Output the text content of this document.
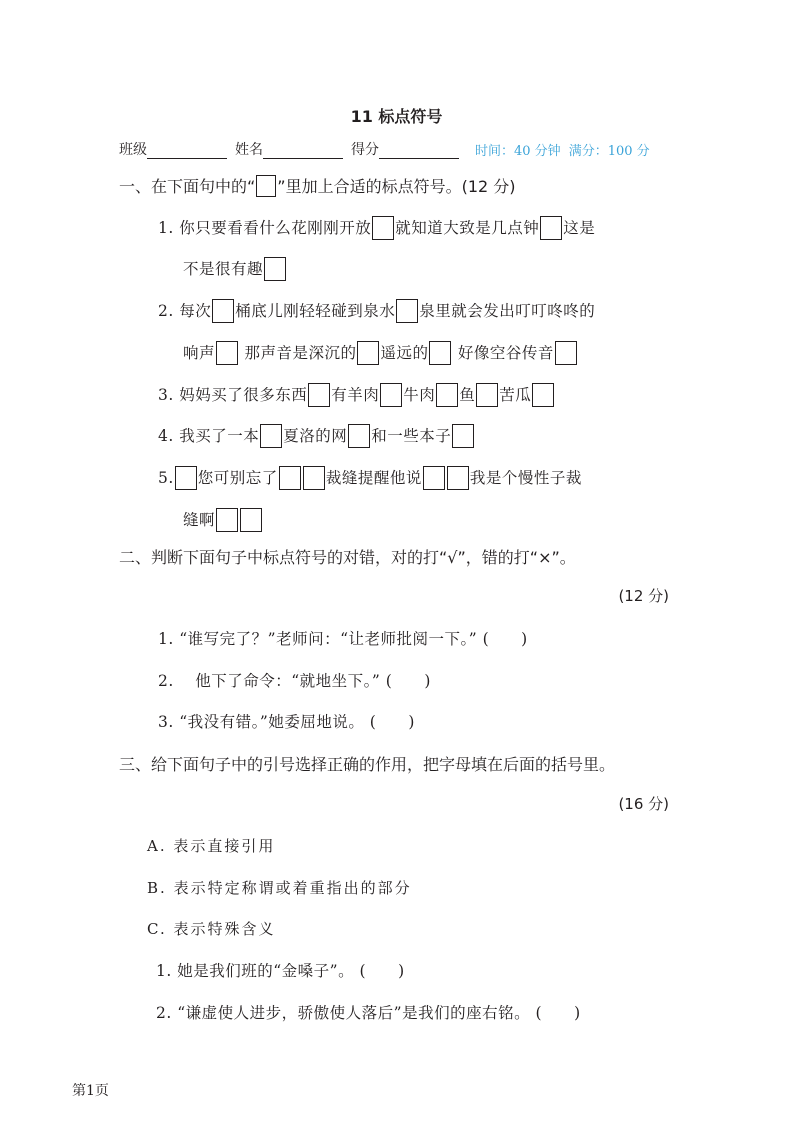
11 标点符号
班级	姓名	得分	时间：40 分钟 满分：100 分
一、在下面句中的“ ”里加上合适的标点符号。(12 分)
1. 你只要看看什么花刚刚开放 就知道大致是几点钟 这是
不是很有趣
2. 每次 桶底儿刚轻轻碰到泉水 泉里就会发出叮叮咚咚的
响声 那声音是深沉的 遥远的 好像空谷传音
3. 妈妈买了很多东西 有羊肉 牛肉 鱼 苦瓜
4. 我买了一本 夏洛的网 和一些本子
5. 您可别忘了	裁缝提醒他说	我是个慢性子裁
缝啊
二、判断下面句子中标点符号的对错，对的打“√”，错的打“×”。
(12 分)
1. “谁写完了？”老师问：“让老师批阅一下。” (　　)
2. 　他下了命令：“就地坐下。” (　　)
3. “我没有错。”她委屈地说。 (　　)
三、给下面句子中的引号选择正确的作用，把字母填在后面的括号里。
(16 分)
A. 表示直接引用
B. 表示特定称谓或着重指出的部分
C. 表示特殊含义
1. 她是我们班的“金嗓子”。 (　　)
2. “谦虚使人进步，骄傲使人落后”是我们的座右铭。 (　　)
第1页
